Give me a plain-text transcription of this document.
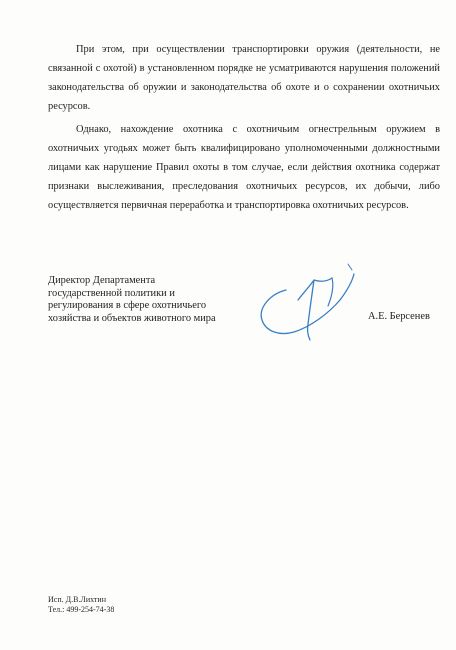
При этом, при осуществлении транспортировки оружия (деятельности, не связанной с охотой) в установленном порядке не усматриваются нарушения положений законодательства об оружии и законодательства об охоте и о сохранении охотничьих ресурсов.

Однако, нахождение охотника с охотничьим огнестрельным оружием в охотничьих угодьях может быть квалифицировано уполномоченными должностными лицами как нарушение Правил охоты в том случае, если действия охотника содержат признаки выслеживания, преследования охотничьих ресурсов, их добычи, либо осуществляется первичная переработка и транспортировка охотничьих ресурсов.

Директор Департамента
государственной политики и
регулирования в сфере охотничьего
хозяйства и объектов животного мира	А.Е. Берсенев
Исп. Д.В.Лихтин
Тел.: 499-254-74-38
